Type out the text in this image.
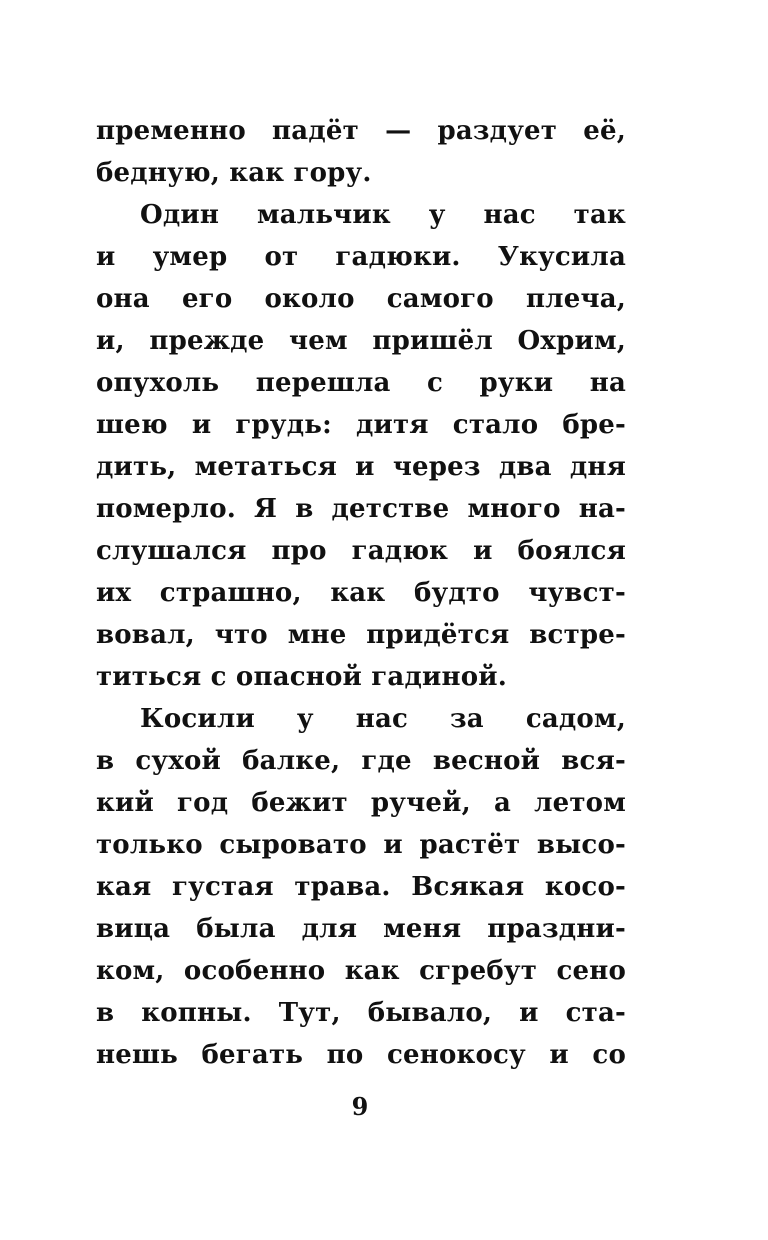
пременно падёт — раздует её,
бедную, как гору.
Один мальчик у нас так
и умер от гадюки. Укусила
она его около самого плеча,
и, прежде чем пришёл Охрим,
опухоль перешла с руки на
шею и грудь: дитя стало бре-
дить, метаться и через два дня
померло. Я в детстве много на-
слушался про гадюк и боялся
их страшно, как будто чувст-
вовал, что мне придётся встре-
титься с опасной гадиной.
Косили у нас за садом,
в сухой балке, где весной вся-
кий год бежит ручей, а летом
только сыровато и растёт высо-
кая густая трава. Всякая косо-
вица была для меня праздни-
ком, особенно как сгребут сено
в копны. Тут, бывало, и ста-
нешь бегать по сенокосу и со
9
